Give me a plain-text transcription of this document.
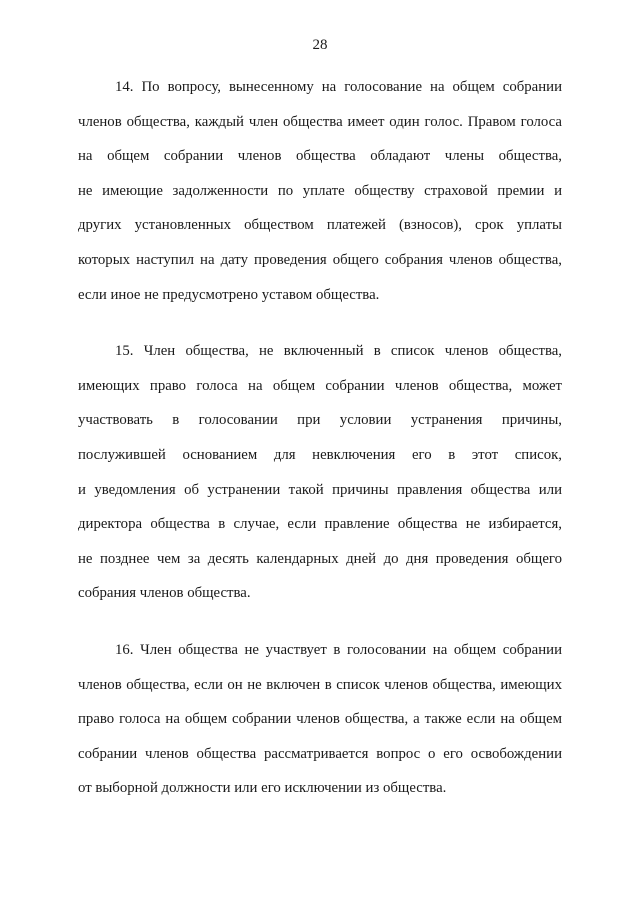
28
14. По вопросу, вынесенному на голосование на общем собрании
членов общества, каждый член общества имеет один голос. Правом голоса
на общем собрании членов общества обладают члены общества,
не имеющие задолженности по уплате обществу страховой премии и
других установленных обществом платежей (взносов), срок уплаты
которых наступил на дату проведения общего собрания членов общества,
если иное не предусмотрено уставом общества.
15. Член общества, не включенный в список членов общества,
имеющих право голоса на общем собрании членов общества, может
участвовать в голосовании при условии устранения причины,
послужившей основанием для невключения его в этот список,
и уведомления об устранении такой причины правления общества или
директора общества в случае, если правление общества не избирается,
не позднее чем за десять календарных дней до дня проведения общего
собрания членов общества.
16. Член общества не участвует в голосовании на общем собрании
членов общества, если он не включен в список членов общества, имеющих
право голоса на общем собрании членов общества, а также если на общем
собрании членов общества рассматривается вопрос о его освобождении
от выборной должности или его исключении из общества.
